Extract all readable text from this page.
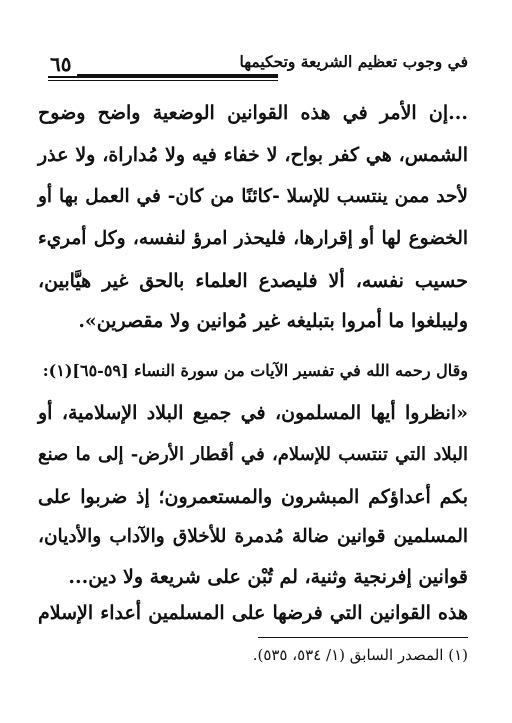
في وجوب تعظيم الشريعة وتحكيمها
٦٥
...إن الأمر في هذه القوانين الوضعية واضح وضوح
الشمس، هي كفر بواح، لا خفاء فيه ولا مُداراة، ولا عذر
لأحد ممن ينتسب للإسلا -كائنًا من كان- في العمل بها أو
الخضوع لها أو إقرارها، فليحذر امرؤ لنفسه، وكل أمريء
حسيب نفسه، ألا فليصدع العلماء بالحق غير هيَّابين،
وليبلغوا ما أمروا بتبليغه غير مُوانين ولا مقصرين».
وقال رحمه الله في تفسير الآيات من سورة النساء [٥٩-٦٥](١):
«انظروا أيها المسلمون، في جميع البلاد الإسلامية، أو
البلاد التي تنتسب للإسلام، في أقطار الأرض- إلى ما صنع
بكم أعداؤكم المبشرون والمستعمرون؛ إذ ضربوا على
المسلمين قوانين ضالة مُدمرة للأخلاق والآداب والأديان،
قوانين إفرنجية وثنية، لم تُبْن على شريعة ولا دين...
هذه القوانين التي فرضها على المسلمين أعداء الإسلام
(١) المصدر السابق (١/ ٥٣٤، ٥٣٥).
